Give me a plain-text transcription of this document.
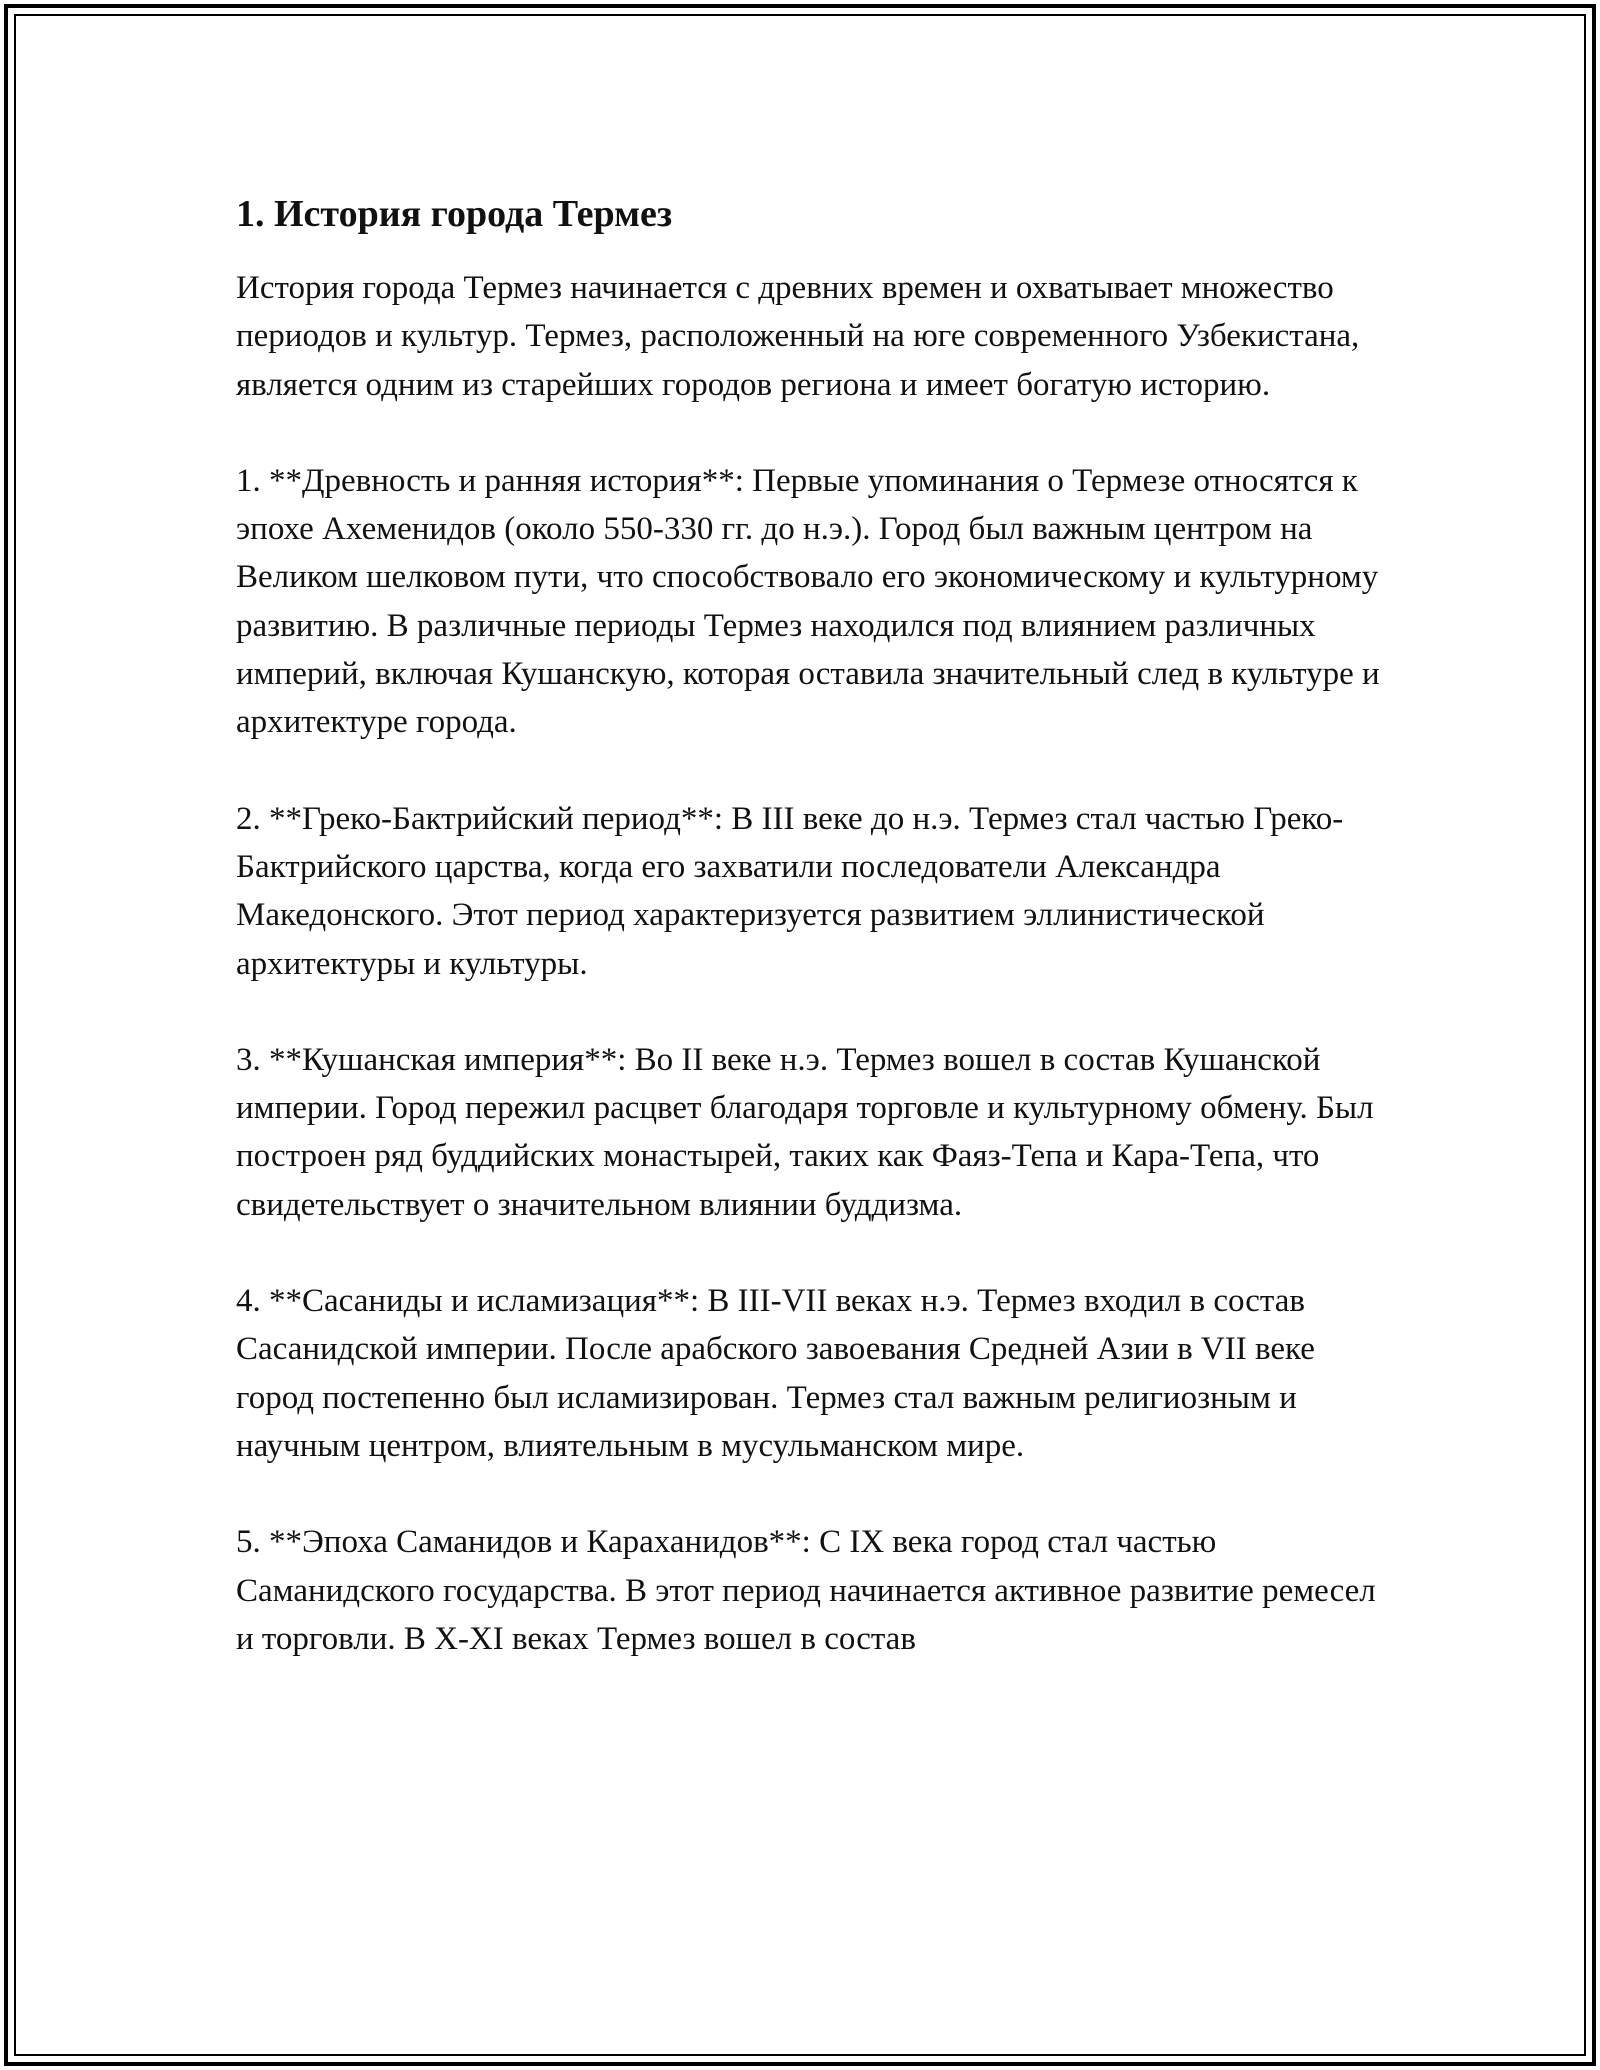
1. История города Термез

История города Термез начинается с древних времен и охватывает множество периодов и культур. Термез, расположенный на юге современного Узбекистана, является одним из старейших городов региона и имеет богатую историю.

1. **Древность и ранняя история**: Первые упоминания о Термезе относятся к эпохе Ахеменидов (около 550-330 гг. до н.э.). Город был важным центром на Великом шелковом пути, что способствовало его экономическому и культурному развитию. В различные периоды Термез находился под влиянием различных империй, включая Кушанскую, которая оставила значительный след в культуре и архитектуре города.

2. **Греко-Бактрийский период**: В III веке до н.э. Термез стал частью Греко-Бактрийского царства, когда его захватили последователи Александра Македонского. Этот период характеризуется развитием эллинистической архитектуры и культуры.

3. **Кушанская империя**: Во II веке н.э. Термез вошел в состав Кушанской империи. Город пережил расцвет благодаря торговле и культурному обмену. Был построен ряд буддийских монастырей, таких как Фаяз-Тепа и Кара-Тепа, что свидетельствует о значительном влиянии буддизма.

4. **Сасаниды и исламизация**: В III-VII веках н.э. Термез входил в состав Сасанидской империи. После арабского завоевания Средней Азии в VII веке город постепенно был исламизирован. Термез стал важным религиозным и научным центром, влиятельным в мусульманском мире.

5. **Эпоха Саманидов и Караханидов**: С IX века город стал частью Саманидского государства. В этот период начинается активное развитие ремесел и торговли. В X-XI веках Термез вошел в состав
